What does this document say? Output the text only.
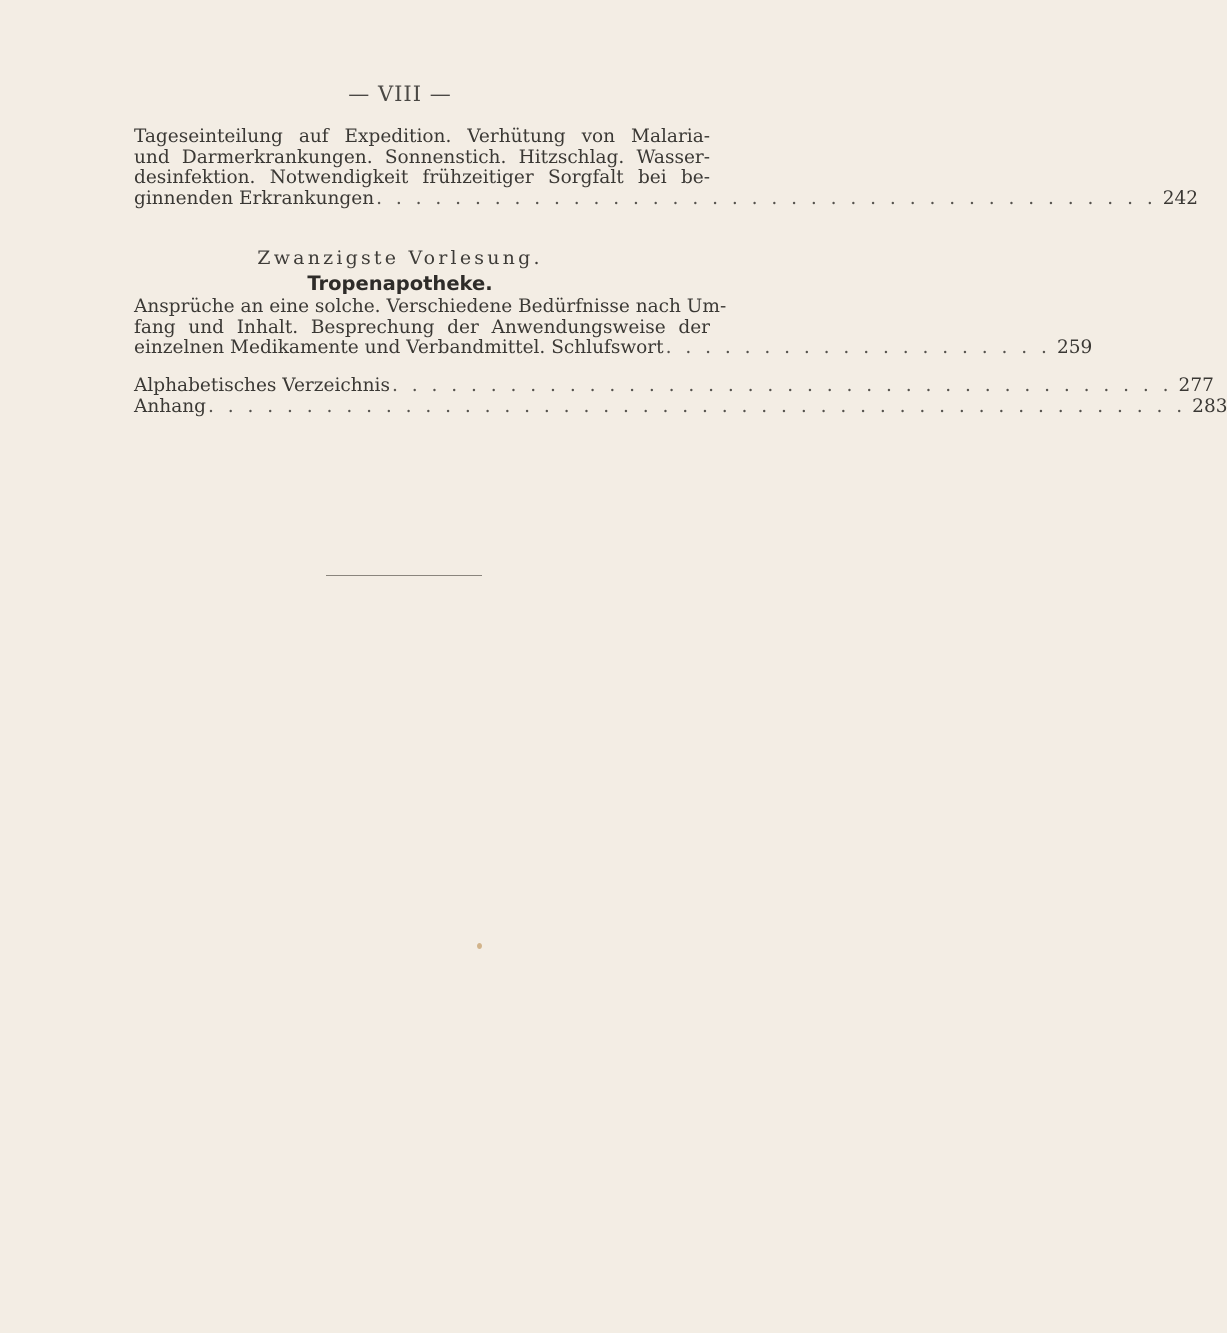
— VIII —
Tageseinteilung auf Expedition. Verhütung von Malaria-
und Darmerkrankungen. Sonnenstich. Hitzschlag. Wasser-
desinfektion. Notwendigkeit frühzeitiger Sorgfalt bei be-
ginnenden Erkrankungen . . . . . . . . . . . . . . . . . . . . . . . . . . . . . . . . . . . . . . . . 242
Zwanzigste Vorlesung.
Tropenapotheke.
Ansprüche an eine solche. Verschiedene Bedürfnisse nach Um-
fang und Inhalt. Besprechung der Anwendungsweise der
einzelnen Medikamente und Verbandmittel. Schlufswort . . . . . . . . . . . . . . . . . . . . 259
Alphabetisches Verzeichnis . . . . . . . . . . . . . . . . . . . . . . . . . . . . . . . . . . . . . . . . 277
Anhang . . . . . . . . . . . . . . . . . . . . . . . . . . . . . . . . . . . . . . . . . . . . . . . . . . 283
